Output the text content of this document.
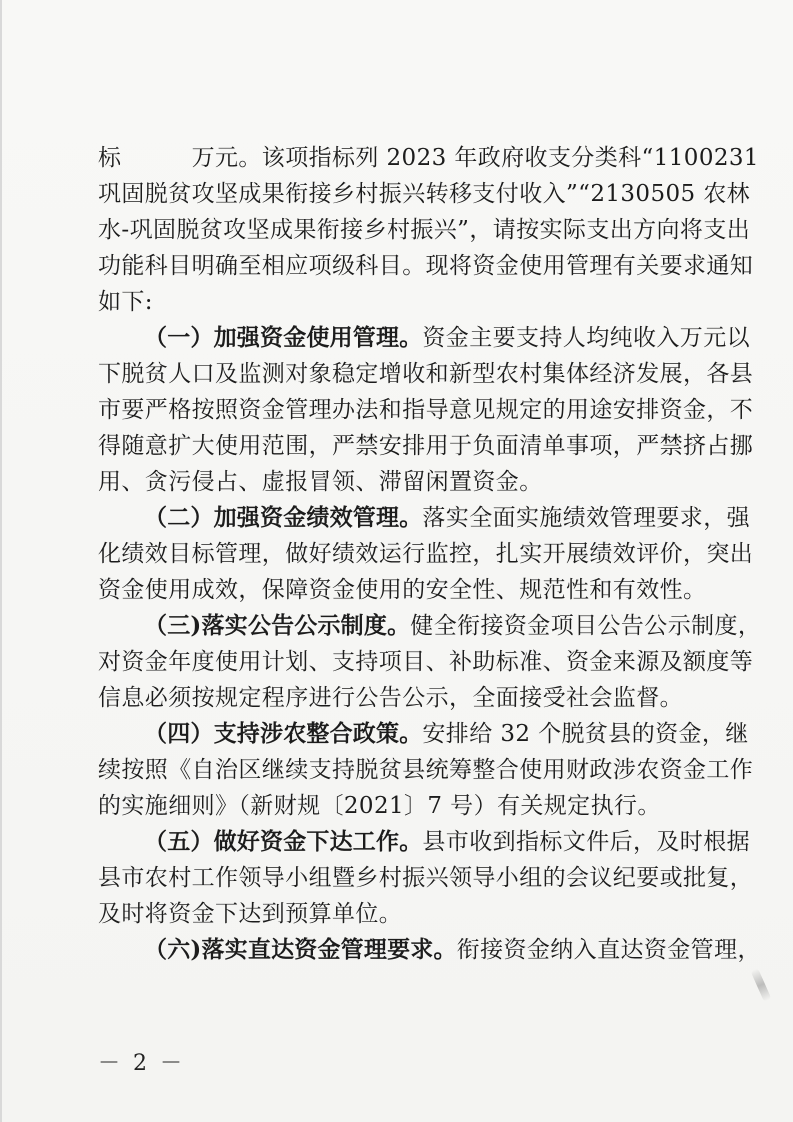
标　　　万元。该项指标列 2023 年政府收支分类科“1100231
巩固脱贫攻坚成果衔接乡村振兴转移支付收入”“2130505 农林
水-巩固脱贫攻坚成果衔接乡村振兴”，请按实际支出方向将支出
功能科目明确至相应项级科目。现将资金使用管理有关要求通知
如下:
（一）加强资金使用管理。资金主要支持人均纯收入万元以
下脱贫人口及监测对象稳定增收和新型农村集体经济发展，各县
市要严格按照资金管理办法和指导意见规定的用途安排资金，不
得随意扩大使用范围，严禁安排用于负面清单事项，严禁挤占挪
用、贪污侵占、虚报冒领、滞留闲置资金。
（二）加强资金绩效管理。落实全面实施绩效管理要求，强
化绩效目标管理，做好绩效运行监控，扎实开展绩效评价，突出
资金使用成效，保障资金使用的安全性、规范性和有效性。
（三)落实公告公示制度。健全衔接资金项目公告公示制度，
对资金年度使用计划、支持项目、补助标准、资金来源及额度等
信息必须按规定程序进行公告公示，全面接受社会监督。
（四）支持涉农整合政策。安排给 32 个脱贫县的资金，继
续按照《自治区继续支持脱贫县统筹整合使用财政涉农资金工作
的实施细则》（新财规〔2021〕7 号）有关规定执行。
（五）做好资金下达工作。县市收到指标文件后，及时根据
县市农村工作领导小组暨乡村振兴领导小组的会议纪要或批复，
及时将资金下达到预算单位。
（六)落实直达资金管理要求。衔接资金纳入直达资金管理，
－ 2 －
